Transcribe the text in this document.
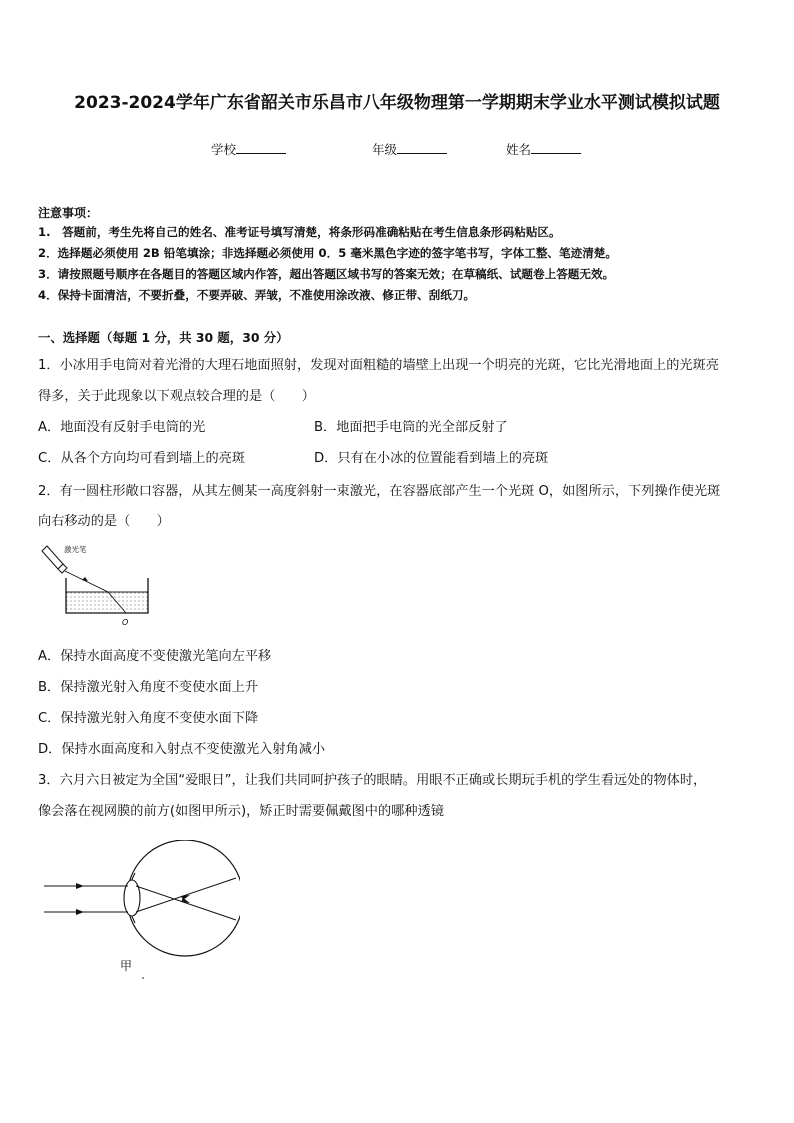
2023-2024学年广东省韶关市乐昌市八年级物理第一学期期末学业水平测试模拟试题
学校	年级	姓名
注意事项：
1.　答题前，考生先将自己的姓名、准考证号填写清楚，将条形码准确粘贴在考生信息条形码粘贴区。
2．选择题必须使用 2B 铅笔填涂；非选择题必须使用 0．5 毫米黑色字迹的签字笔书写，字体工整、笔迹清楚。
3．请按照题号顺序在各题目的答题区域内作答，超出答题区域书写的答案无效；在草稿纸、试题卷上答题无效。
4．保持卡面清洁，不要折叠，不要弄破、弄皱，不准使用涂改液、修正带、刮纸刀。
一、选择题（每题 1 分，共 30 题，30 分）
1．小冰用手电筒对着光滑的大理石地面照射，发现对面粗糙的墙壁上出现一个明亮的光斑，它比光滑地面上的光斑亮
得多，关于此现象以下观点较合理的是（　　）
A．地面没有反射手电筒的光	B．地面把手电筒的光全部反射了
C．从各个方向均可看到墙上的亮斑	D．只有在小冰的位置能看到墙上的亮斑
2．有一圆柱形敞口容器，从其左侧某一高度斜射一束激光，在容器底部产生一个光斑 O，如图所示，下列操作使光斑
向右移动的是（　　）
激光笔
O
A．保持水面高度不变使激光笔向左平移
B．保持激光射入角度不变使水面上升
C．保持激光射入角度不变使水面下降
D．保持水面高度和入射点不变使激光入射角减小
3．六月六日被定为全国“爱眼日”，让我们共同呵护孩子的眼睛。用眼不正确或长期玩手机的学生看远处的物体时，
像会落在视网膜的前方(如图甲所示)，矫正时需要佩戴图中的哪种透镜
甲
